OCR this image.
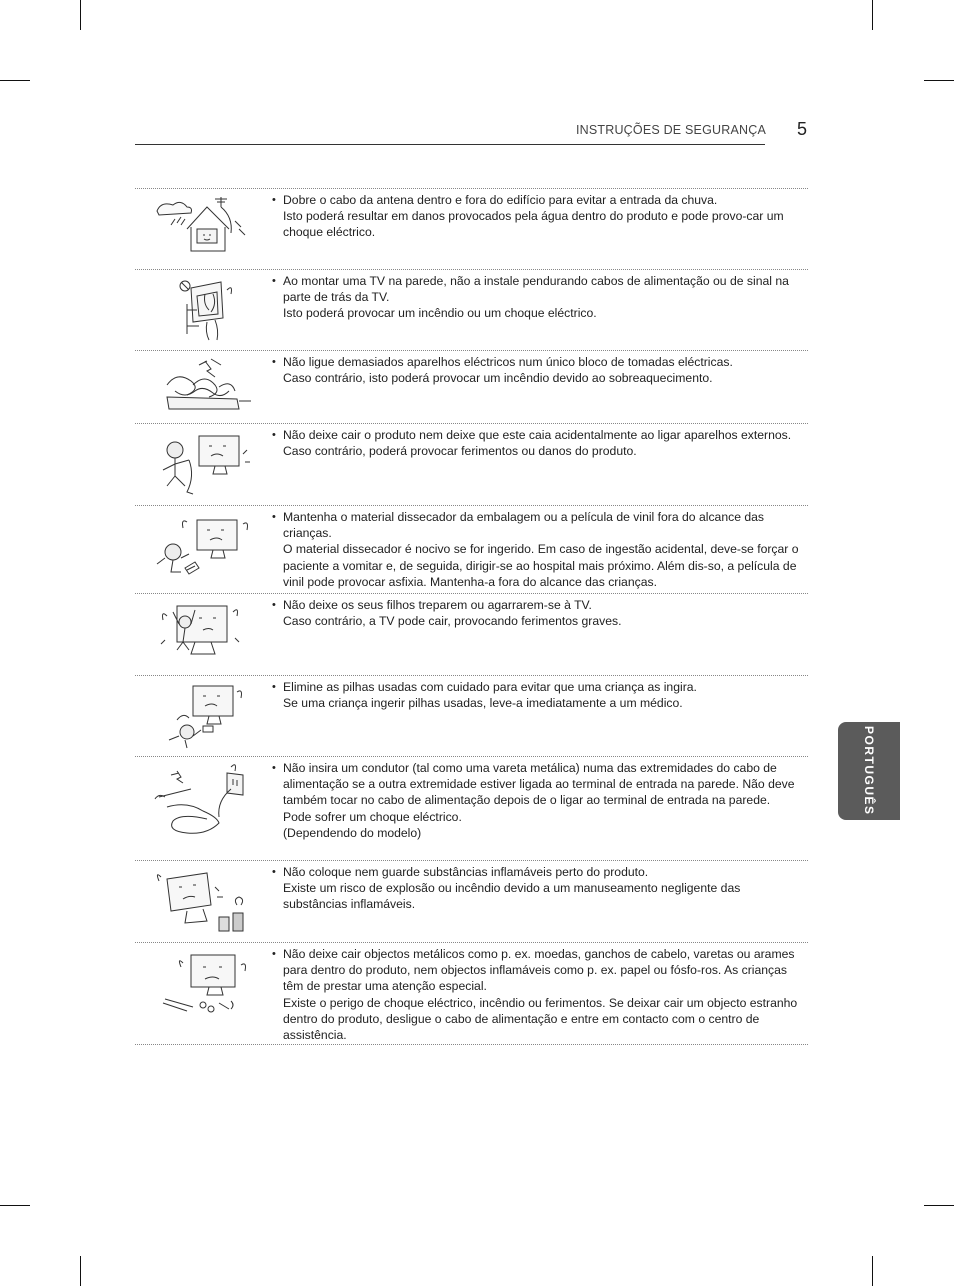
INSTRUÇÕES DE SEGURANÇA 5
PORTUGUÊS
• Dobre o cabo da antena dentro e fora do edifício para evitar a entrada da chuva.

Isto poderá resultar em danos provocados pela água dentro do produto e pode provo-car um choque eléctrico.

• Ao montar uma TV na parede, não a instale pendurando cabos de alimentação ou de sinal na parte de trás da TV.

Isto poderá provocar um incêndio ou um choque eléctrico.

• Não ligue demasiados aparelhos eléctricos num único bloco de tomadas eléctricas.

Caso contrário, isto poderá provocar um incêndio devido ao sobreaquecimento.

• Não deixe cair o produto nem deixe que este caia acidentalmente ao ligar aparelhos externos.

Caso contrário, poderá provocar ferimentos ou danos do produto.

• Mantenha o material dissecador da embalagem ou a película de vinil fora do alcance das crianças.

O material dissecador é nocivo se for ingerido. Em caso de ingestão acidental, deve-se forçar o paciente a vomitar e, de seguida, dirigir-se ao hospital mais próximo. Além dis-so, a película de vinil pode provocar asfixia. Mantenha-a fora do alcance das crianças.

• Não deixe os seus filhos treparem ou agarrarem-se à TV.

Caso contrário, a TV pode cair, provocando ferimentos graves.

• Elimine as pilhas usadas com cuidado para evitar que uma criança as ingira.

Se uma criança ingerir pilhas usadas, leve-a imediatamente a um médico.

• Não insira um condutor (tal como uma vareta metálica) numa das extremidades do cabo de alimentação se a outra extremidade estiver ligada ao terminal de entrada na parede. Não deve também tocar no cabo de alimentação depois de o ligar ao terminal de entrada na parede.

Pode sofrer um choque eléctrico.

(Dependendo do modelo)

• Não coloque nem guarde substâncias inflamáveis perto do produto.

Existe um risco de explosão ou incêndio devido a um manuseamento negligente das substâncias inflamáveis.

• Não deixe cair objectos metálicos como p. ex. moedas, ganchos de cabelo, varetas ou arames para dentro do produto, nem objectos inflamáveis como p. ex. papel ou fósfo-ros. As crianças têm de prestar uma atenção especial.

Existe o perigo de choque eléctrico, incêndio ou ferimentos. Se deixar cair um objecto estranho dentro do produto, desligue o cabo de alimentação e entre em contacto com o centro de assistência.
